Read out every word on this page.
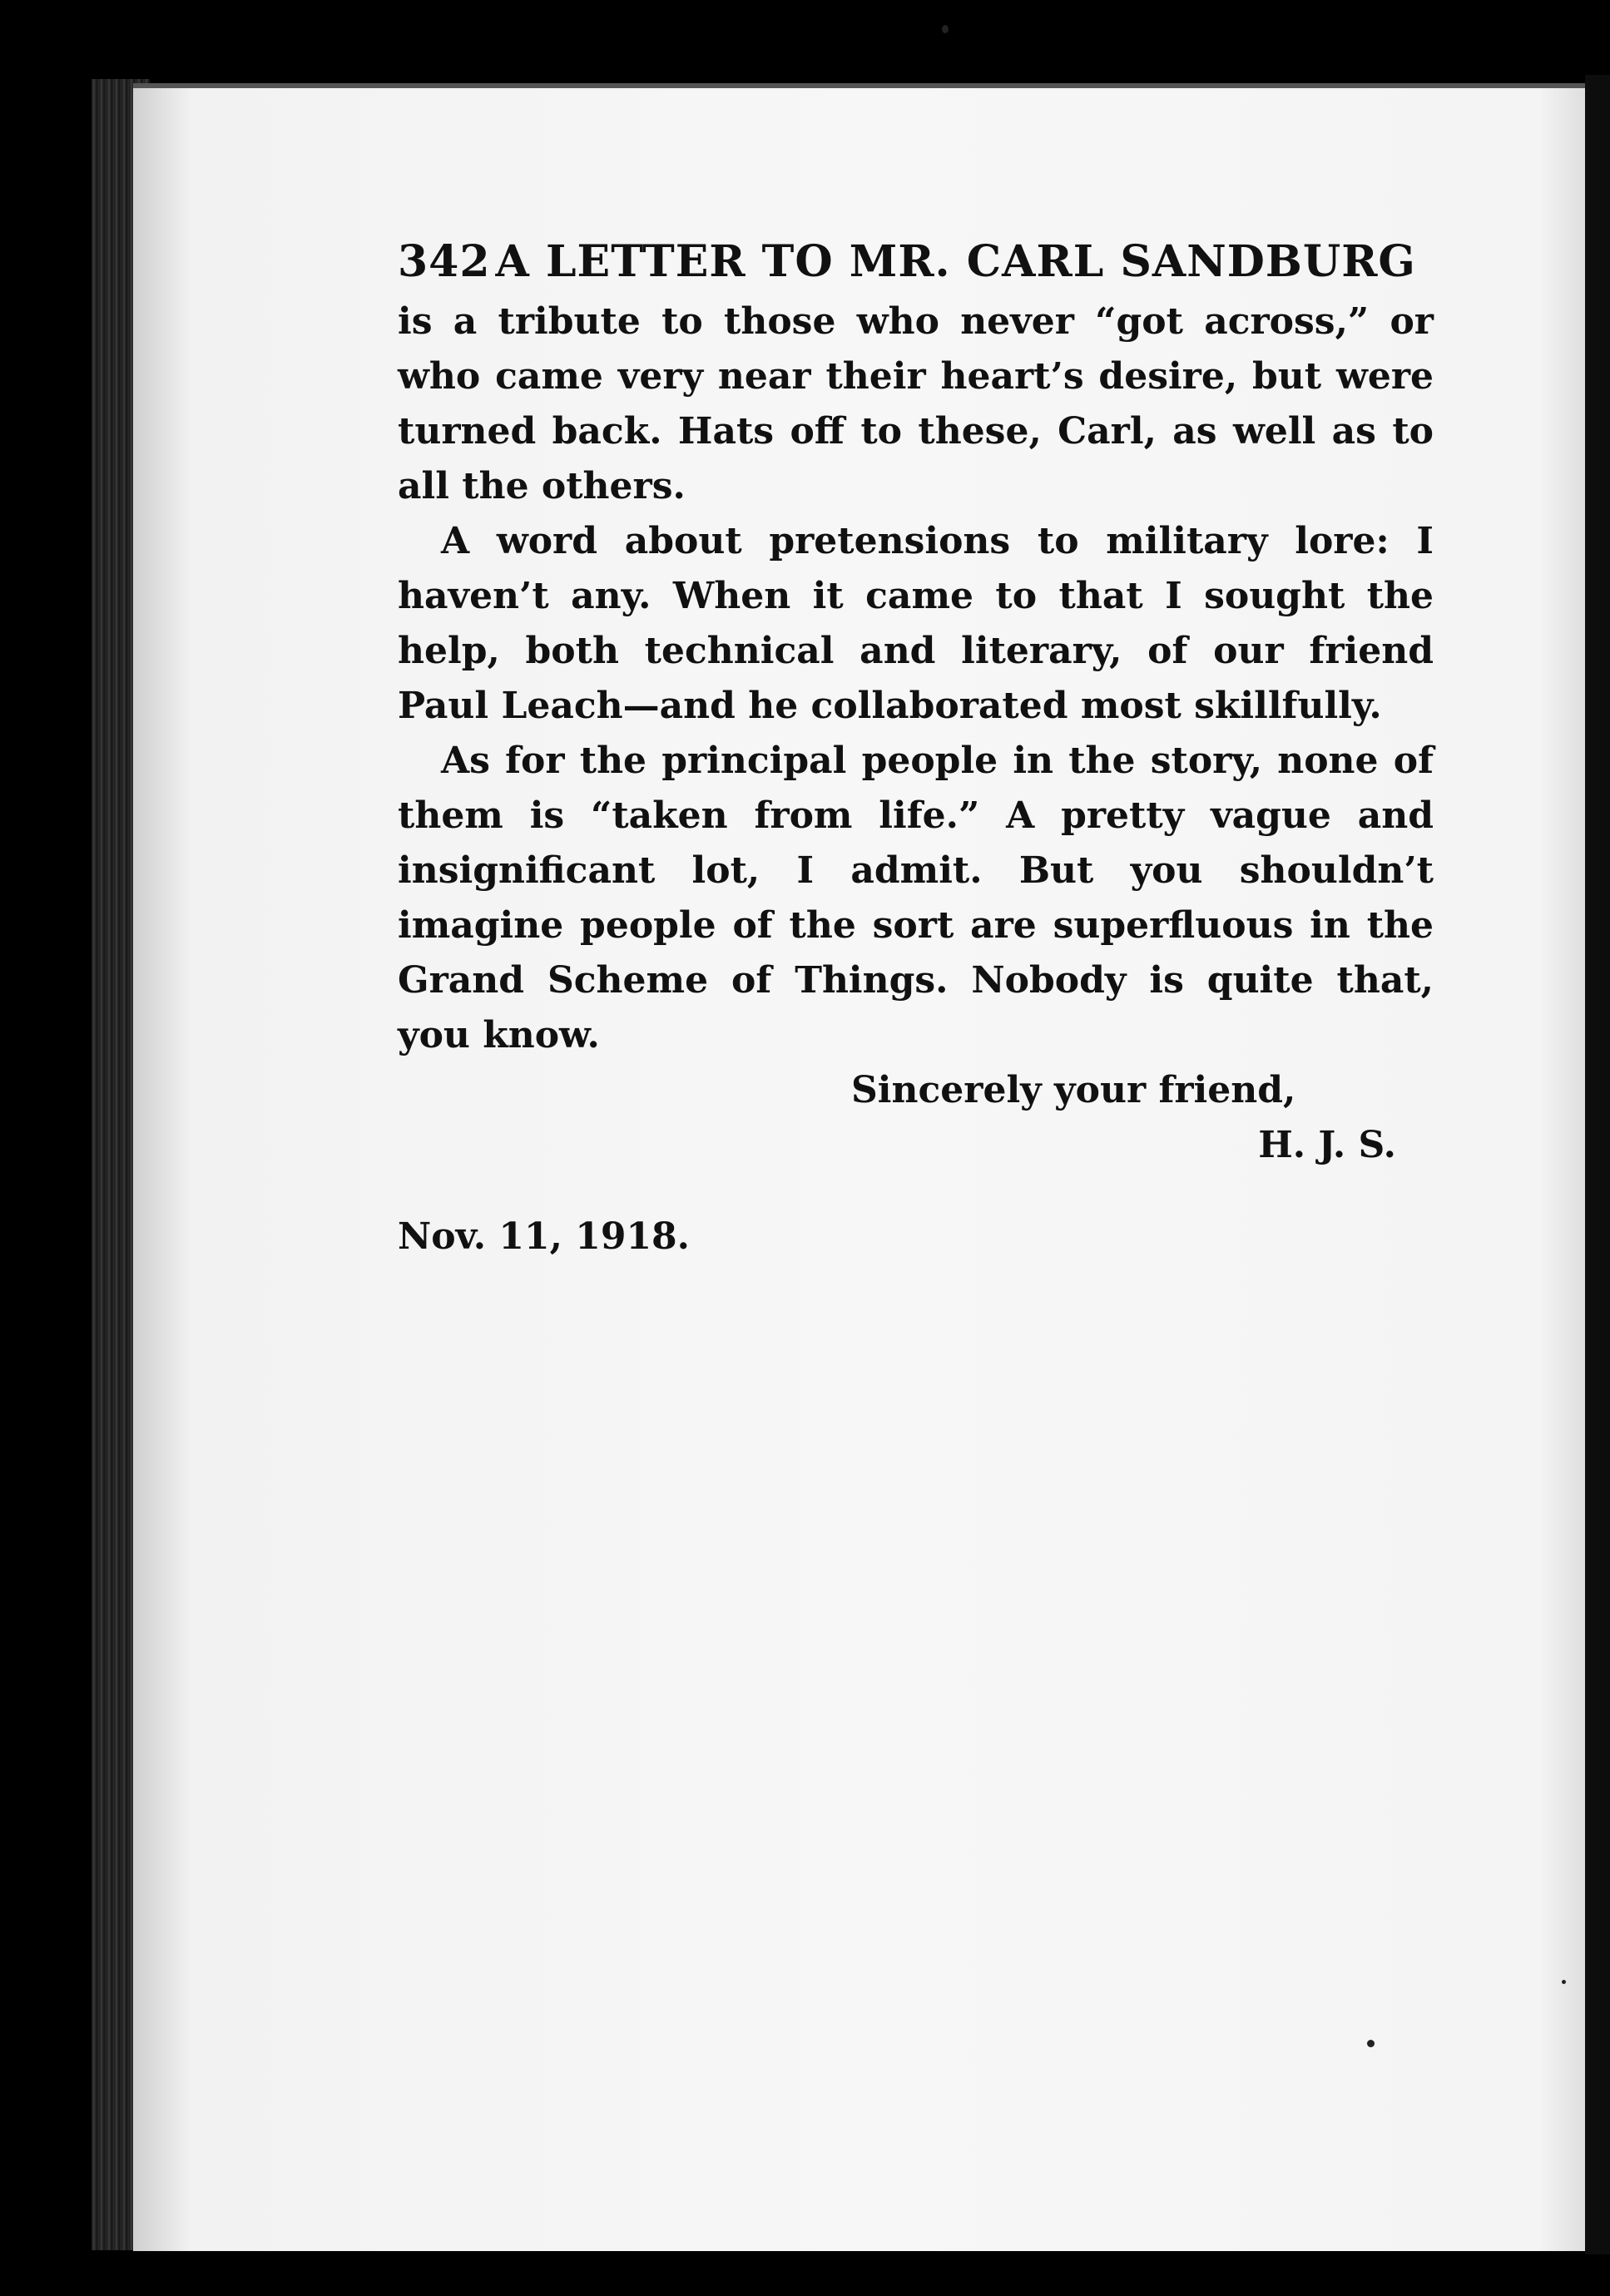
342 A LETTER TO MR. CARL SANDBURG

is a tribute to those who never “got across,” or who came very near their heart’s desire, but were turned back. Hats off to these, Carl, as well as to all the others.

A word about pretensions to military lore: I haven’t any. When it came to that I sought the help, both technical and literary, of our friend Paul Leach—and he collaborated most skillfully.

As for the principal people in the story, none of them is “taken from life.” A pretty vague and insignificant lot, I admit. But you shouldn’t imagine people of the sort are superfluous in the Grand Scheme of Things. Nobody is quite that, you know.

Sincerely your friend,
H. J. S.
Nov. 11, 1918.
